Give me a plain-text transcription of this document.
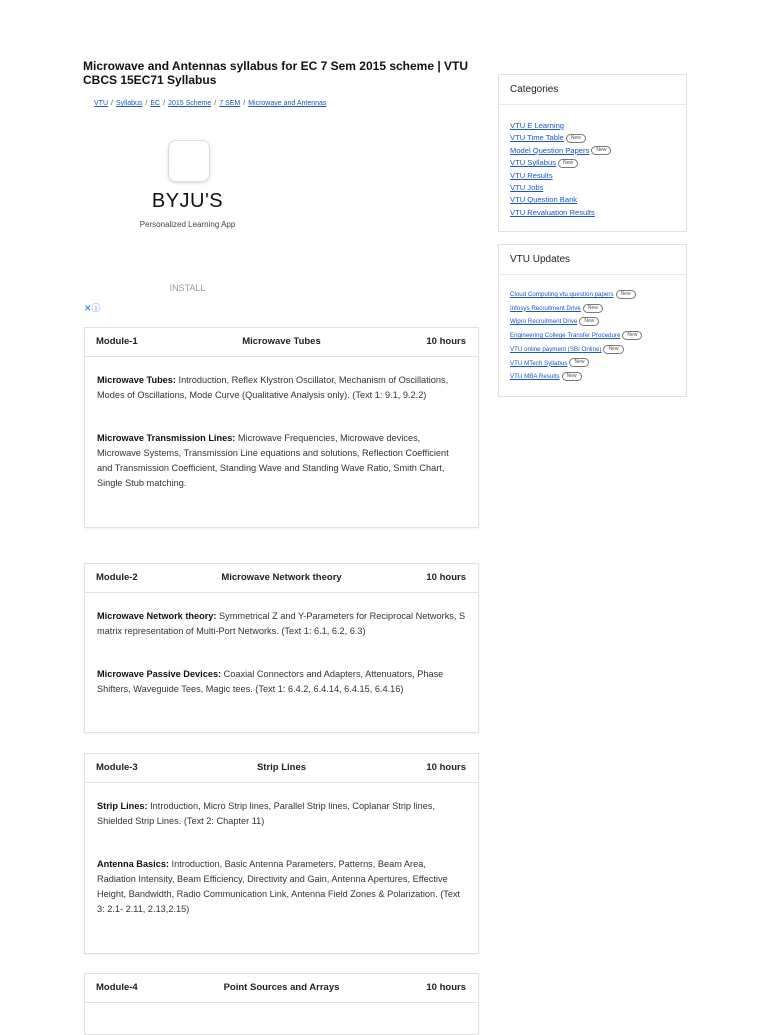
Microwave and Antennas syllabus for EC 7 Sem 2015 scheme | VTU CBCS 15EC71 Syllabus
VTU / Syllabus / EC / 2015 Scheme / 7 SEM / Microwave and Antennas
BYJU'S
Personalized Learning App
INSTALL
✕ⓘ
Module-1	Microwave Tubes	10 hours

Microwave Tubes: Introduction, Reflex Klystron Oscillator, Mechanism of Oscillations, Modes of Oscillations, Mode Curve (Qualitative Analysis only). (Text 1: 9.1, 9.2.2)

Microwave Transmission Lines: Microwave Frequencies, Microwave devices, Microwave Systems, Transmission Line equations and solutions, Reflection Coefficient and Transmission Coefficient, Standing Wave and Standing Wave Ratio, Smith Chart, Single Stub matching.

Module-2	Microwave Network theory	10 hours

Microwave Network theory: Symmetrical Z and Y-Parameters for Reciprocal Networks, S matrix representation of Multi-Port Networks. (Text 1: 6.1, 6.2, 6.3)

Microwave Passive Devices: Coaxial Connectors and Adapters, Attenuators, Phase Shifters, Waveguide Tees, Magic tees. (Text 1: 6.4.2, 6.4.14, 6.4.15, 6.4.16)

Module-3	Strip Lines	10 hours

Strip Lines: Introduction, Micro Strip lines, Parallel Strip lines, Coplanar Strip lines, Shielded Strip Lines. (Text 2: Chapter 11)

Antenna Basics: Introduction, Basic Antenna Parameters, Patterns, Beam Area, Radiation Intensity, Beam Efficiency, Directivity and Gain, Antenna Apertures, Effective Height, Bandwidth, Radio Communication Link, Antenna Field Zones & Polarization. (Text 3: 2.1- 2.11, 2.13,2.15)

Module-4	Point Sources and Arrays	10 hours
Categories
VTU E Learning
VTU Time Table New
Model Question Papers New
VTU Syllabus New
VTU Results
VTU Jobs
VTU Question Bank
VTU Revaluation Results
VTU Updates
Cloud Computing vtu question papers New
Infosys Recruitment Drive New
Wipro Recruitment Drive New
Engineering College Transfer Procedure New
VTU online payment (SBI Online) New
VTU MTech Syllabus New
VTU MBA Results New
